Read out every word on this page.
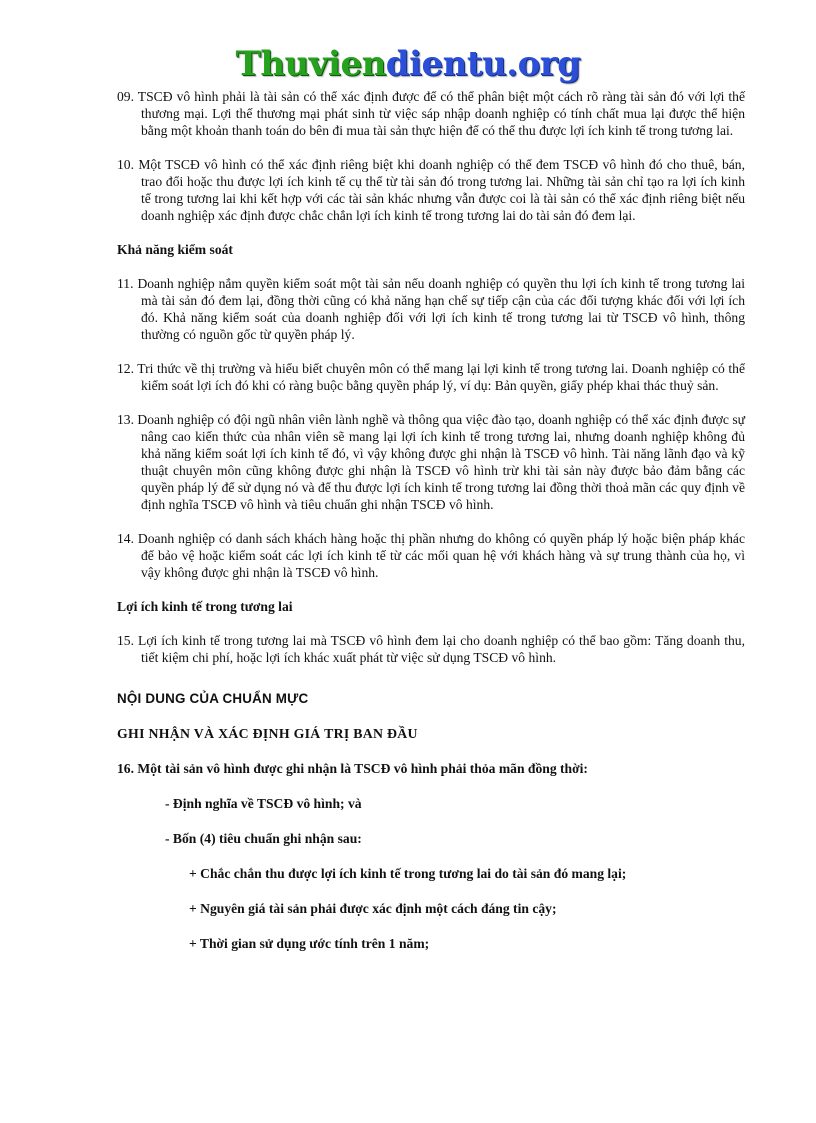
Thuviendientu.org

09. TSCĐ vô hình phải là tài sản có thể xác định được để có thể phân biệt một cách rõ ràng tài sản đó với lợi thế thương mại. Lợi thế thương mại phát sinh từ việc sáp nhập doanh nghiệp có tính chất mua lại được thể hiện bằng một khoản thanh toán do bên đi mua tài sản thực hiện để có thể thu được lợi ích kinh tế trong tương lai.

10. Một TSCĐ vô hình có thể xác định riêng biệt khi doanh nghiệp có thể đem TSCĐ vô hình đó cho thuê, bán, trao đổi hoặc thu được lợi ích kinh tế cụ thể từ tài sản đó trong tương lai. Những tài sản chỉ tạo ra lợi ích kinh tế trong tương lai khi kết hợp với các tài sản khác nhưng vẫn được coi là tài sản có thể xác định riêng biệt nếu doanh nghiệp xác định được chắc chắn lợi ích kinh tế trong tương lai do tài sản đó đem lại.

Khả năng kiểm soát

11. Doanh nghiệp nắm quyền kiểm soát một tài sản nếu doanh nghiệp có quyền thu lợi ích kinh tế trong tương lai mà tài sản đó đem lại, đồng thời cũng có khả năng hạn chế sự tiếp cận của các đối tượng khác đối với lợi ích đó. Khả năng kiểm soát của doanh nghiệp đối với lợi ích kinh tế trong tương lai từ TSCĐ vô hình, thông thường có nguồn gốc từ quyền pháp lý.

12. Tri thức về thị trường và hiểu biết chuyên môn có thể mang lại lợi kinh tế trong tương lai. Doanh nghiệp có thể kiểm soát lợi ích đó khi có ràng buộc bằng quyền pháp lý, ví dụ: Bản quyền, giấy phép khai thác thuỷ sản.

13. Doanh nghiệp có đội ngũ nhân viên lành nghề và thông qua việc đào tạo, doanh nghiệp có thể xác định được sự nâng cao kiến thức của nhân viên sẽ mang lại lợi ích kinh tế trong tương lai, nhưng doanh nghiệp không đủ khả năng kiểm soát lợi ích kinh tế đó, vì vậy không được ghi nhận là TSCĐ vô hình. Tài năng lãnh đạo và kỹ thuật chuyên môn cũng không được ghi nhận là TSCĐ vô hình trừ khi tài sản này được bảo đảm bằng các quyền pháp lý để sử dụng nó và để thu được lợi ích kinh tế trong tương lai đồng thời thoả mãn các quy định về định nghĩa TSCĐ vô hình và tiêu chuẩn ghi nhận TSCĐ vô hình.

14. Doanh nghiệp có danh sách khách hàng hoặc thị phần nhưng do không có quyền pháp lý hoặc biện pháp khác để bảo vệ hoặc kiểm soát các lợi ích kinh tế từ các mối quan hệ với khách hàng và sự trung thành của họ, vì vậy không được ghi nhận là TSCĐ vô hình.

Lợi ích kinh tế trong tương lai

15. Lợi ích kinh tế trong tương lai mà TSCĐ vô hình đem lại cho doanh nghiệp có thể bao gồm: Tăng doanh thu, tiết kiệm chi phí, hoặc lợi ích khác xuất phát từ việc sử dụng TSCĐ vô hình.

NỘI DUNG CỦA CHUẨN MỰC
GHI NHẬN VÀ XÁC ĐỊNH GIÁ TRỊ BAN ĐẦU
16. Một tài sản vô hình được ghi nhận là TSCĐ vô hình phải thỏa mãn đồng thời:
- Định nghĩa về TSCĐ vô hình; và
- Bốn (4) tiêu chuẩn ghi nhận sau:
+ Chắc chắn thu được lợi ích kinh tế trong tương lai do tài sản đó mang lại;
+ Nguyên giá tài sản phải được xác định một cách đáng tin cậy;
+ Thời gian sử dụng ước tính trên 1 năm;
